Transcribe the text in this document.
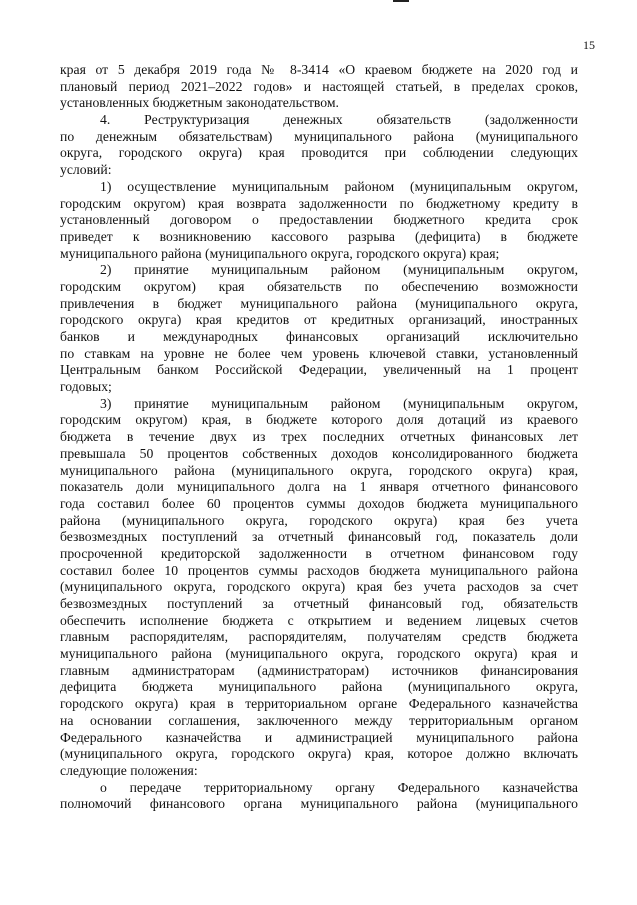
15
края от 5 декабря 2019 года № 8-3414 «О краевом бюджете на 2020 год и
плановый период 2021–2022 годов» и настоящей статьей, в пределах сроков,
установленных бюджетным законодательством.
4. Реструктуризация денежных обязательств (задолженности
по денежным обязательствам) муниципального района (муниципального
округа, городского округа) края проводится при соблюдении следующих
условий:
1) осуществление муниципальным районом (муниципальным округом,
городским округом) края возврата задолженности по бюджетному кредиту в
установленный договором о предоставлении бюджетного кредита срок
приведет к возникновению кассового разрыва (дефицита) в бюджете
муниципального района (муниципального округа, городского округа) края;
2) принятие муниципальным районом (муниципальным округом,
городским округом) края обязательств по обеспечению возможности
привлечения в бюджет муниципального района (муниципального округа,
городского округа) края кредитов от кредитных организаций, иностранных
банков и международных финансовых организаций исключительно
по ставкам на уровне не более чем уровень ключевой ставки, установленный
Центральным банком Российской Федерации, увеличенный на 1 процент
годовых;
3) принятие муниципальным районом (муниципальным округом,
городским округом) края, в бюджете которого доля дотаций из краевого
бюджета в течение двух из трех последних отчетных финансовых лет
превышала 50 процентов собственных доходов консолидированного бюджета
муниципального района (муниципального округа, городского округа) края,
показатель доли муниципального долга на 1 января отчетного финансового
года составил более 60 процентов суммы доходов бюджета муниципального
района (муниципального округа, городского округа) края без учета
безвозмездных поступлений за отчетный финансовый год, показатель доли
просроченной кредиторской задолженности в отчетном финансовом году
составил более 10 процентов суммы расходов бюджета муниципального района
(муниципального округа, городского округа) края без учета расходов за счет
безвозмездных поступлений за отчетный финансовый год, обязательств
обеспечить исполнение бюджета с открытием и ведением лицевых счетов
главным распорядителям, распорядителям, получателям средств бюджета
муниципального района (муниципального округа, городского округа) края и
главным администраторам (администраторам) источников финансирования
дефицита бюджета муниципального района (муниципального округа,
городского округа) края в территориальном органе Федерального казначейства
на основании соглашения, заключенного между территориальным органом
Федерального казначейства и администрацией муниципального района
(муниципального округа, городского округа) края, которое должно включать
следующие положения:
о передаче территориальному органу Федерального казначейства
полномочий финансового органа муниципального района (муниципального
